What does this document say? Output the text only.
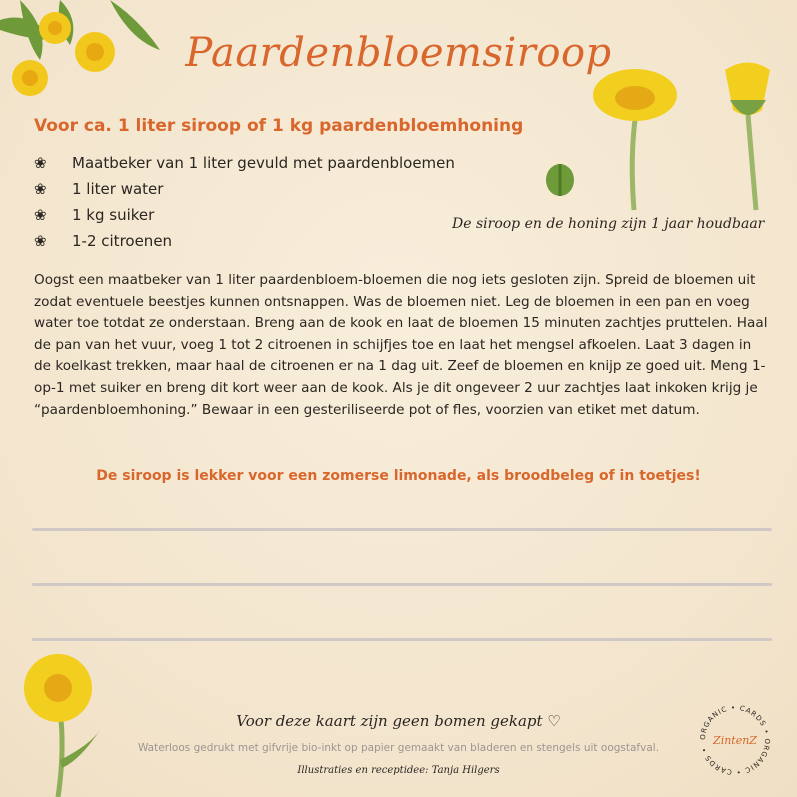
Paardenbloemsiroop
Voor ca. 1 liter siroop of 1 kg paardenbloemhoning
❀	Maatbeker van 1 liter gevuld met paardenbloemen
❀	1 liter water
❀	1 kg suiker
❀	1-2 citroenen
De siroop en de honing zijn 1 jaar houdbaar

Oogst een maatbeker van 1 liter paardenbloem-bloemen die nog iets gesloten zijn. Spreid de bloemen uit zodat eventuele beestjes kunnen ontsnappen. Was de bloemen niet. Leg de bloemen in een pan en voeg water toe totdat ze onderstaan. Breng aan de kook en laat de bloemen 15 minuten zachtjes pruttelen. Haal de pan van het vuur, voeg 1 tot 2 citroenen in schijfjes toe en laat het mengsel afkoelen. Laat 3 dagen in de koelkast trekken, maar haal de citroenen er na 1 dag uit. Zeef de bloemen en knijp ze goed uit. Meng 1-op-1 met suiker en breng dit kort weer aan de kook. Als je dit ongeveer 2 uur zachtjes laat inkoken krijg je “paardenbloemhoning.” Bewaar in een gesteriliseerde pot of fles, voorzien van etiket met datum.

De siroop is lekker voor een zomerse limonade, als broodbeleg of in toetjes!
Voor deze kaart zijn geen bomen gekapt ♡
Waterloos gedrukt met gifvrije bio-inkt op papier gemaakt van bladeren en stengels uit oogstafval.
Illustraties en receptidee: Tanja Hilgers
ORGANIC • CARDS • ORGANIC • CARDS •
ZintenZ
